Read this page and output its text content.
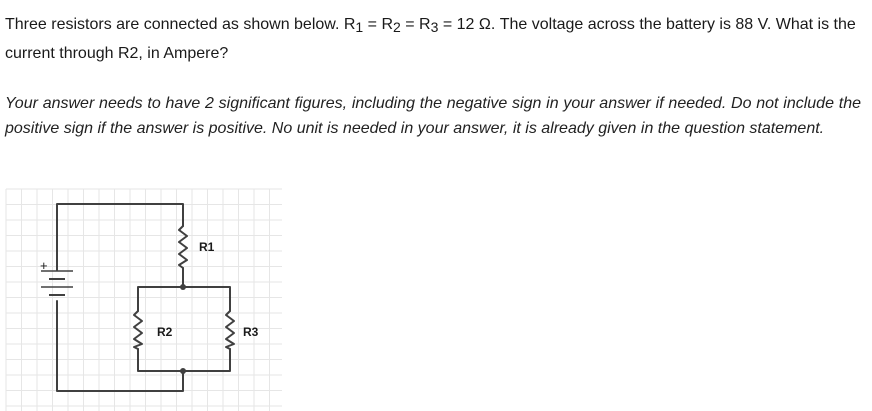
Three resistors are connected as shown below. $R_1 = R_2 = R_3 = 12$ Ω. The voltage across the battery is 88 V. What is the current through R2, in Ampere?
Your answer needs to have 2 significant figures, including the negative sign in your answer if needed. Do not include the positive sign if the answer is positive. No unit is needed in your answer, it is already given in the question statement.
+
R1
R2	R3
